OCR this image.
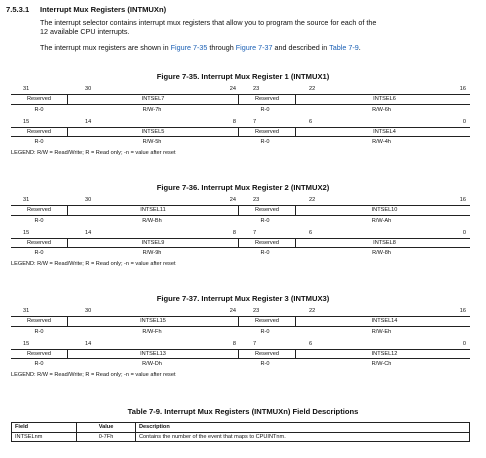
7.5.3.1 Interrupt Mux Registers (INTMUXn)
The interrupt selector contains interrupt mux registers that allow you to program the source for each of the
12 available CPU interrupts.
The interrupt mux registers are shown in Figure 7-35 through Figure 7-37 and described in Table 7-9.
Figure 7-35. Interrupt Mux Register 1 (INTMUX1)
31	30	24	23	22	16
Reserved	INTSEL7	Reserved	INTSEL6
R-0	R/W-7h	R-0	R/W-6h
15	14	8	7	6	0
Reserved	INTSEL5	Reserved	INTSEL4
R-0	R/W-5h	R-0	R/W-4h
LEGEND: R/W = Read/Write; R = Read only; -n = value after reset
Figure 7-36. Interrupt Mux Register 2 (INTMUX2)
31	30	24	23	22	16
Reserved	INTSEL11	Reserved	INTSEL10
R-0	R/W-Bh	R-0	R/W-Ah
15	14	8	7	6	0
Reserved	INTSEL9	Reserved	INTSEL8
R-0	R/W-9h	R-0	R/W-8h
LEGEND: R/W = Read/Write; R = Read only; -n = value after reset
Figure 7-37. Interrupt Mux Register 3 (INTMUX3)
31	30	24	23	22	16
Reserved	INTSEL15	Reserved	INTSEL14
R-0	R/W-Fh	R-0	R/W-Eh
15	14	8	7	6	0
Reserved	INTSEL13	Reserved	INTSEL12
R-0	R/W-Dh	R-0	R/W-Ch
LEGEND: R/W = Read/Write; R = Read only; -n = value after reset
Table 7-9. Interrupt Mux Registers (INTMUXn) Field Descriptions
Field	Value	Description
INTSELnm	0-7Fh	Contains the number of the event that maps to CPUINTnm.
